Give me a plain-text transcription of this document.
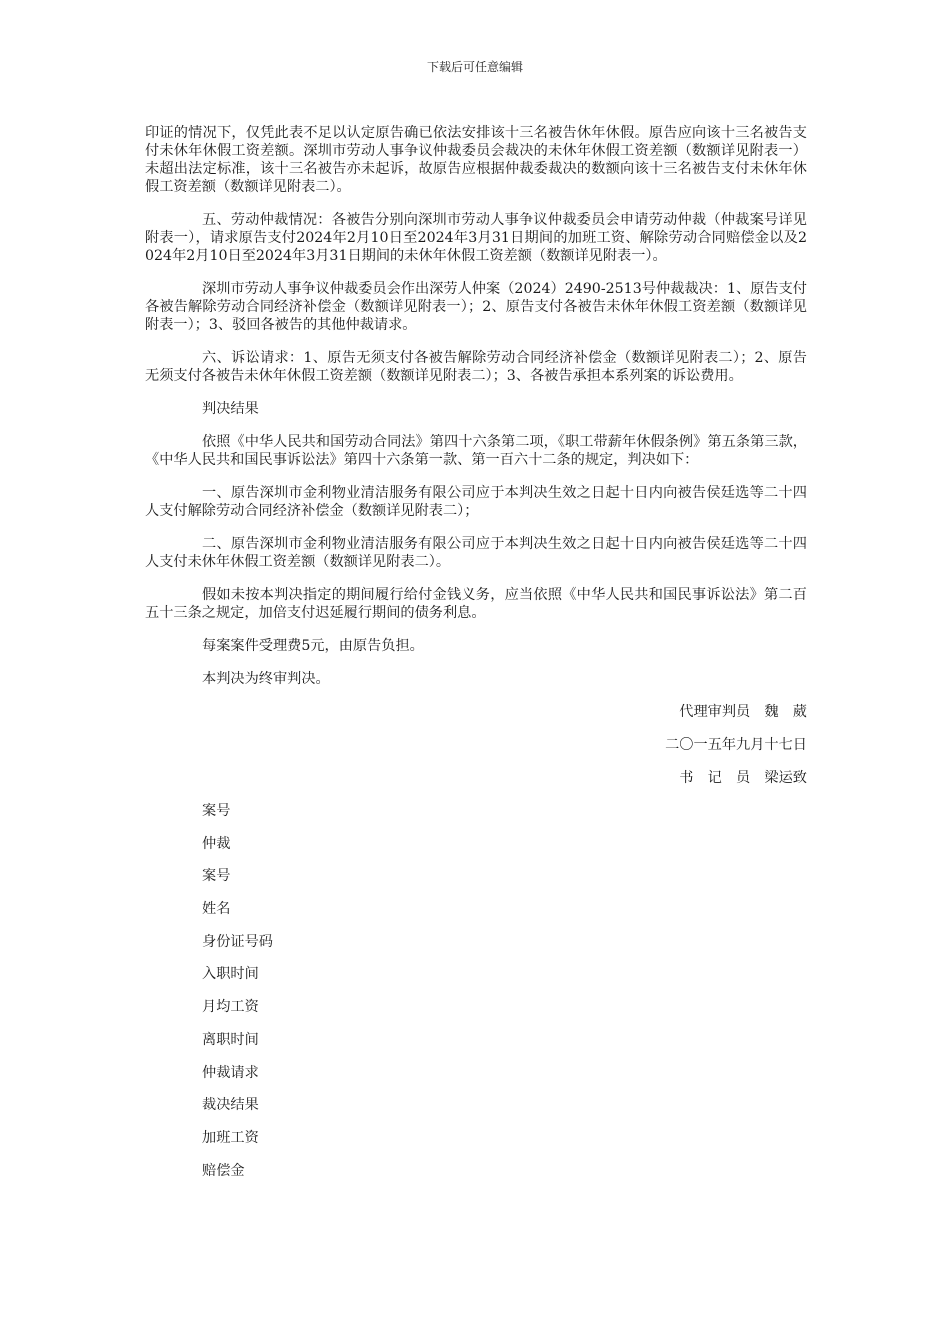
下载后可任意编辑

印证的情况下，仅凭此表不足以认定原告确已依法安排该十三名被告休年休假。原告应向该十三名被告支付未休年休假工资差额。深圳市劳动人事争议仲裁委员会裁决的未休年休假工资差额（数额详见附表一）未超出法定标准，该十三名被告亦未起诉，故原告应根据仲裁委裁决的数额向该十三名被告支付未休年休假工资差额（数额详见附表二）。

五、劳动仲裁情况：各被告分别向深圳市劳动人事争议仲裁委员会申请劳动仲裁（仲裁案号详见附表一），请求原告支付2024年2月10日至2024年3月31日期间的加班工资、解除劳动合同赔偿金以及2024年2月10日至2024年3月31日期间的未休年休假工资差额（数额详见附表一）。

深圳市劳动人事争议仲裁委员会作出深劳人仲案（2024）2490-2513号仲裁裁决：1、原告支付各被告解除劳动合同经济补偿金（数额详见附表一）；2、原告支付各被告未休年休假工资差额（数额详见附表一）；3、驳回各被告的其他仲裁请求。

六、诉讼请求：1、原告无须支付各被告解除劳动合同经济补偿金（数额详见附表二）；2、原告无须支付各被告未休年休假工资差额（数额详见附表二）；3、各被告承担本系列案的诉讼费用。

判决结果

依照《中华人民共和国劳动合同法》第四十六条第二项，《职工带薪年休假条例》第五条第三款，《中华人民共和国民事诉讼法》第四十六条第一款、第一百六十二条的规定，判决如下：

一、原告深圳市金利物业清洁服务有限公司应于本判决生效之日起十日内向被告侯廷选等二十四人支付解除劳动合同经济补偿金（数额详见附表二）；

二、原告深圳市金利物业清洁服务有限公司应于本判决生效之日起十日内向被告侯廷选等二十四人支付未休年休假工资差额（数额详见附表二）。

假如未按本判决指定的期间履行给付金钱义务，应当依照《中华人民共和国民事诉讼法》第二百五十三条之规定，加倍支付迟延履行期间的债务利息。

每案案件受理费5元，由原告负担。

本判决为终审判决。

代理审判员　魏　葳
二〇一五年九月十七日
书　记　员　梁运致
案号
仲裁
案号
姓名
身份证号码
入职时间
月均工资
离职时间
仲裁请求
裁决结果
加班工资
赔偿金
